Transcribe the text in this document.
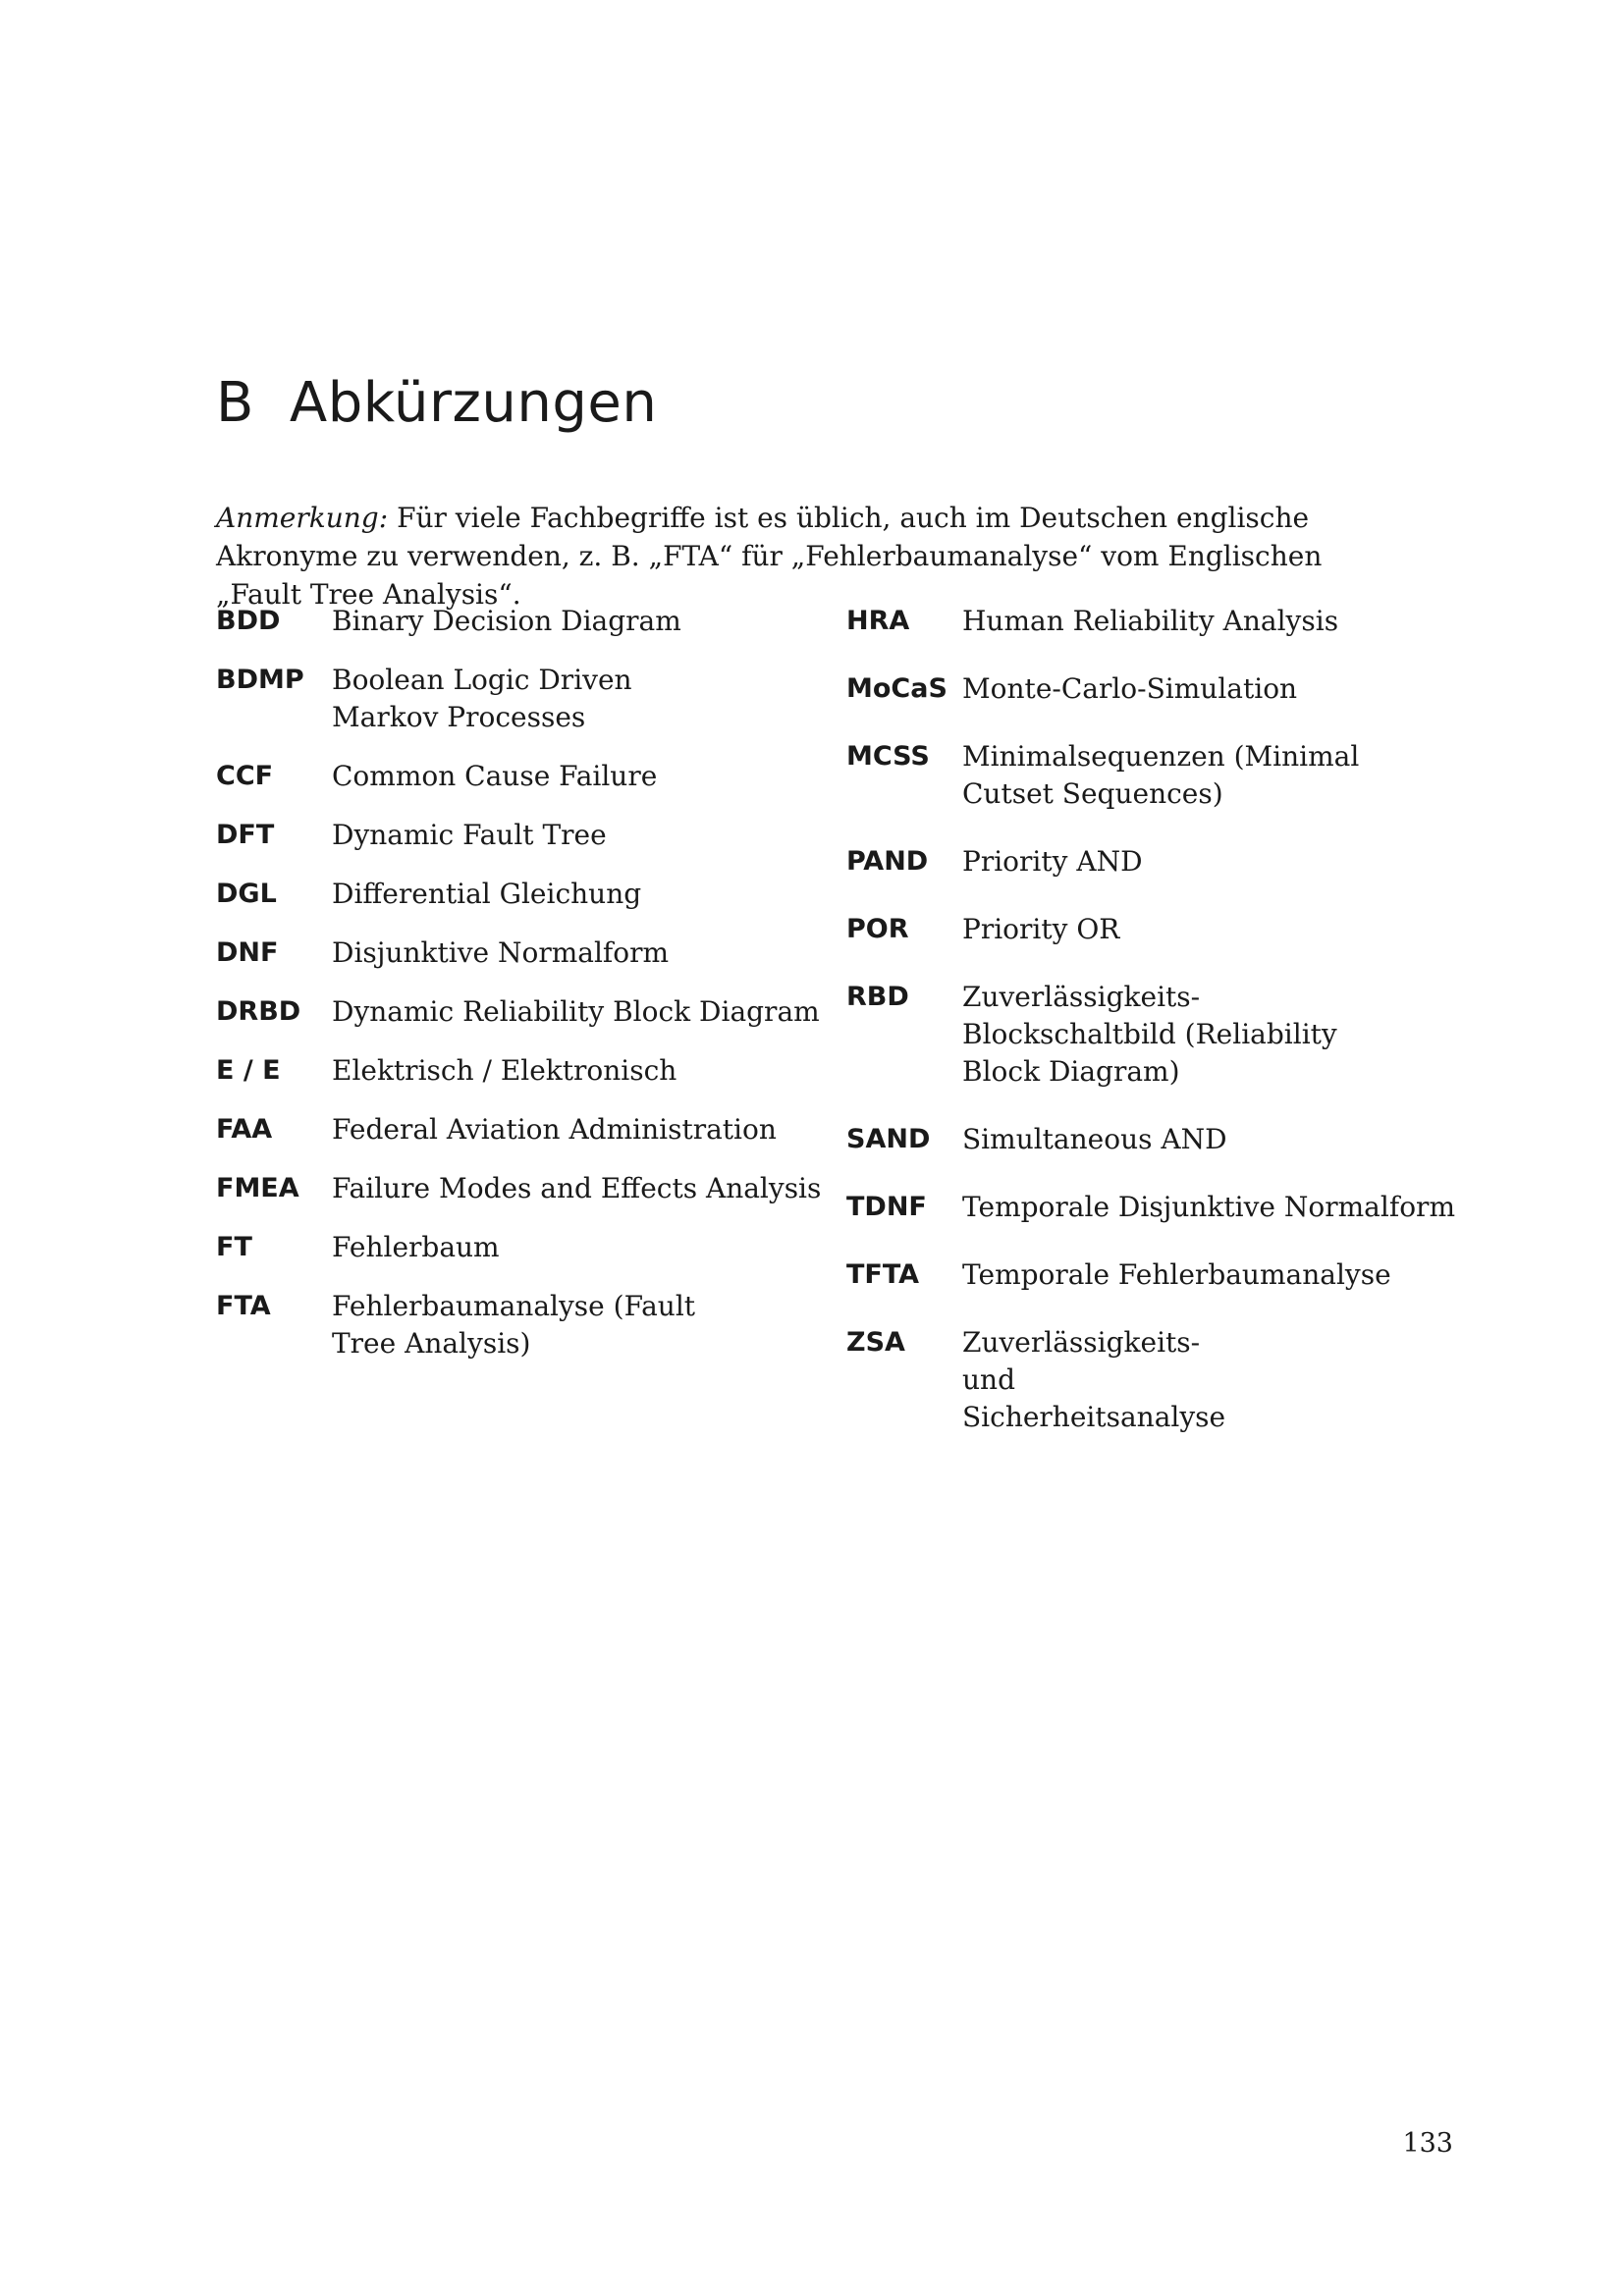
B Abkürzungen

Anmerkung: Für viele Fachbegriffe ist es üblich, auch im Deutschen englische Akronyme zu verwenden, z. B. „FTA“ für „Fehlerbaumanalyse“ vom Englischen „Fault Tree Analysis“.

BDD	Binary Decision Diagram
BDMP	Boolean Logic Driven Markov Processes
CCF	Common Cause Failure
DFT	Dynamic Fault Tree
DGL	Differential Gleichung
DNF	Disjunktive Normalform
DRBD	Dynamic Reliability Block Diagram
E / E	Elektrisch / Elektronisch
FAA	Federal Aviation Administration
FMEA	Failure Modes and Effects Analysis
FT	Fehlerbaum
FTA	Fehlerbaumanalyse (Fault Tree Analysis)
HRA	Human Reliability Analysis
MoCaS Monte-Carlo-Simulation
MCSS	Minimalsequenzen (Minimal Cutset Sequences)
PAND	Priority AND
POR	Priority OR
RBD	Zuverlässigkeits-Blockschaltbild (Reliability Block Diagram)
SAND	Simultaneous AND
TDNF	Temporale Disjunktive Normalform
TFTA	Temporale Fehlerbaumanalyse
ZSA	Zuverlässigkeits- und Sicherheitsanalyse
133
